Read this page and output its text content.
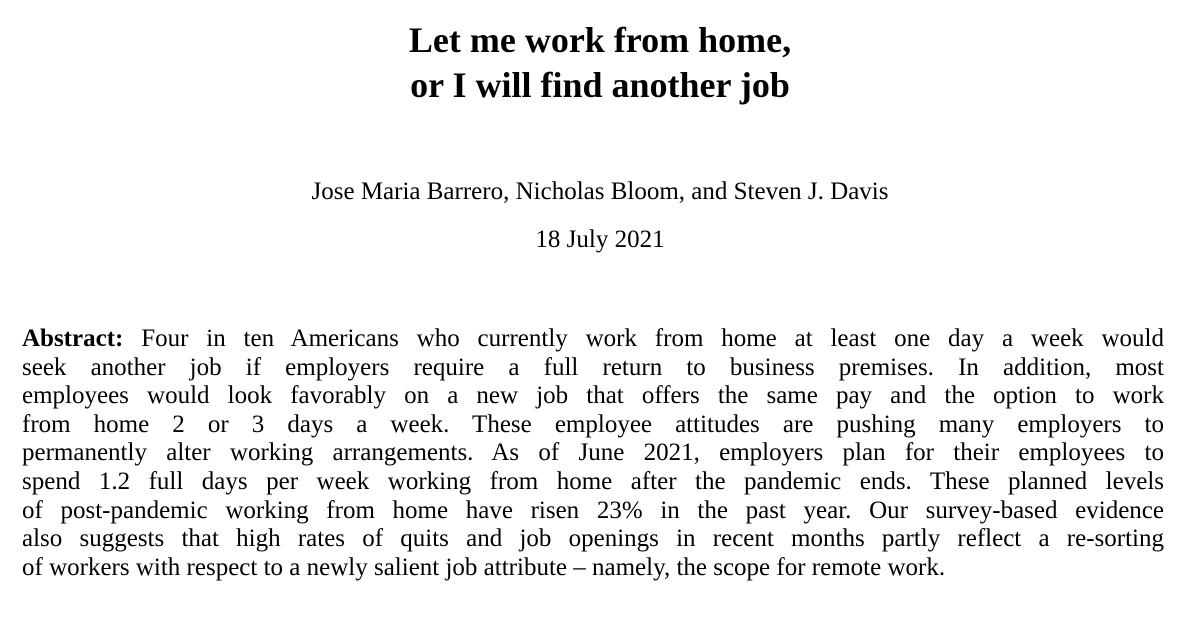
Let me work from home,
or I will find another job

Jose Maria Barrero, Nicholas Bloom, and Steven J. Davis

18 July 2021

Abstract: Four in ten Americans who currently work from home at least one day a week would
seek another job if employers require a full return to business premises. In addition, most
employees would look favorably on a new job that offers the same pay and the option to work
from home 2 or 3 days a week. These employee attitudes are pushing many employers to
permanently alter working arrangements. As of June 2021, employers plan for their employees to
spend 1.2 full days per week working from home after the pandemic ends. These planned levels
of post-pandemic working from home have risen 23% in the past year. Our survey-based evidence
also suggests that high rates of quits and job openings in recent months partly reflect a re-sorting
of workers with respect to a newly salient job attribute – namely, the scope for remote work.
